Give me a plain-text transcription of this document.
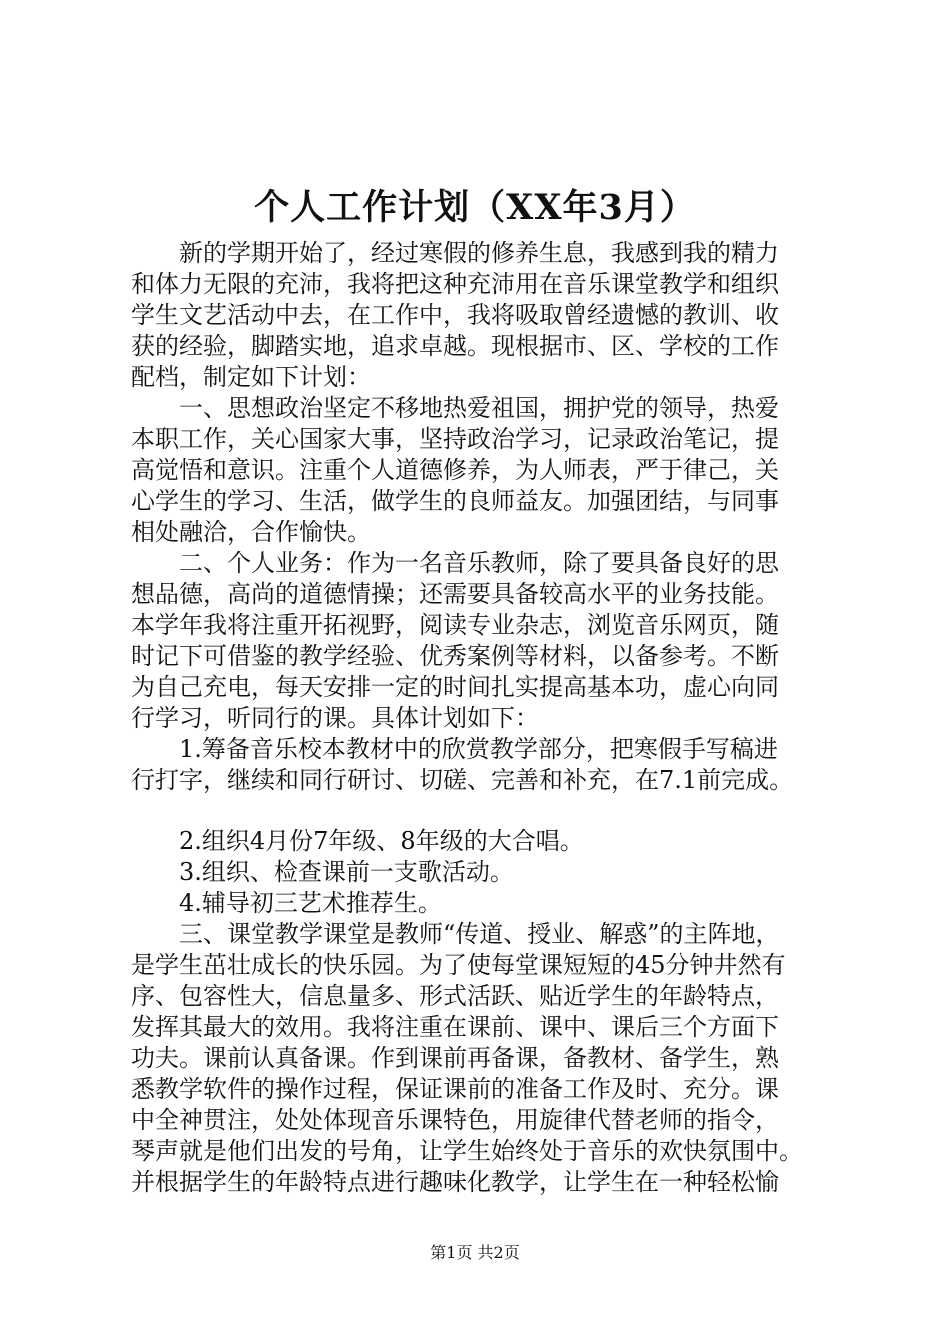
个人工作计划（XX年3月）
　　新的学期开始了，经过寒假的修养生息，我感到我的精力
和体力无限的充沛，我将把这种充沛用在音乐课堂教学和组织
学生文艺活动中去，在工作中，我将吸取曾经遗憾的教训、收
获的经验，脚踏实地，追求卓越。现根据市、区、学校的工作
配档，制定如下计划：
　　一、思想政治坚定不移地热爱祖国，拥护党的领导，热爱
本职工作，关心国家大事，坚持政治学习，记录政治笔记，提
高觉悟和意识。注重个人道德修养，为人师表，严于律己，关
心学生的学习、生活，做学生的良师益友。加强团结，与同事
相处融洽，合作愉快。
　　二、个人业务：作为一名音乐教师，除了要具备良好的思
想品德，高尚的道德情操；还需要具备较高水平的业务技能。
本学年我将注重开拓视野，阅读专业杂志，浏览音乐网页，随
时记下可借鉴的教学经验、优秀案例等材料，以备参考。不断
为自己充电，每天安排一定的时间扎实提高基本功，虚心向同
行学习，听同行的课。具体计划如下：
　　1.筹备音乐校本教材中的欣赏教学部分，把寒假手写稿进
行打字，继续和同行研讨、切磋、完善和补充，在7.1前完成。
　　2.组织4月份7年级、8年级的大合唱。
　　3.组织、检查课前一支歌活动。
　　4.辅导初三艺术推荐生。
　　三、课堂教学课堂是教师“传道、授业、解惑”的主阵地，
是学生茁壮成长的快乐园。为了使每堂课短短的45分钟井然有
序、包容性大，信息量多、形式活跃、贴近学生的年龄特点，
发挥其最大的效用。我将注重在课前、课中、课后三个方面下
功夫。课前认真备课。作到课前再备课，备教材、备学生，熟
悉教学软件的操作过程，保证课前的准备工作及时、充分。课
中全神贯注，处处体现音乐课特色，用旋律代替老师的指令，
琴声就是他们出发的号角，让学生始终处于音乐的欢快氛围中。
并根据学生的年龄特点进行趣味化教学，让学生在一种轻松愉
第1页 共2页
